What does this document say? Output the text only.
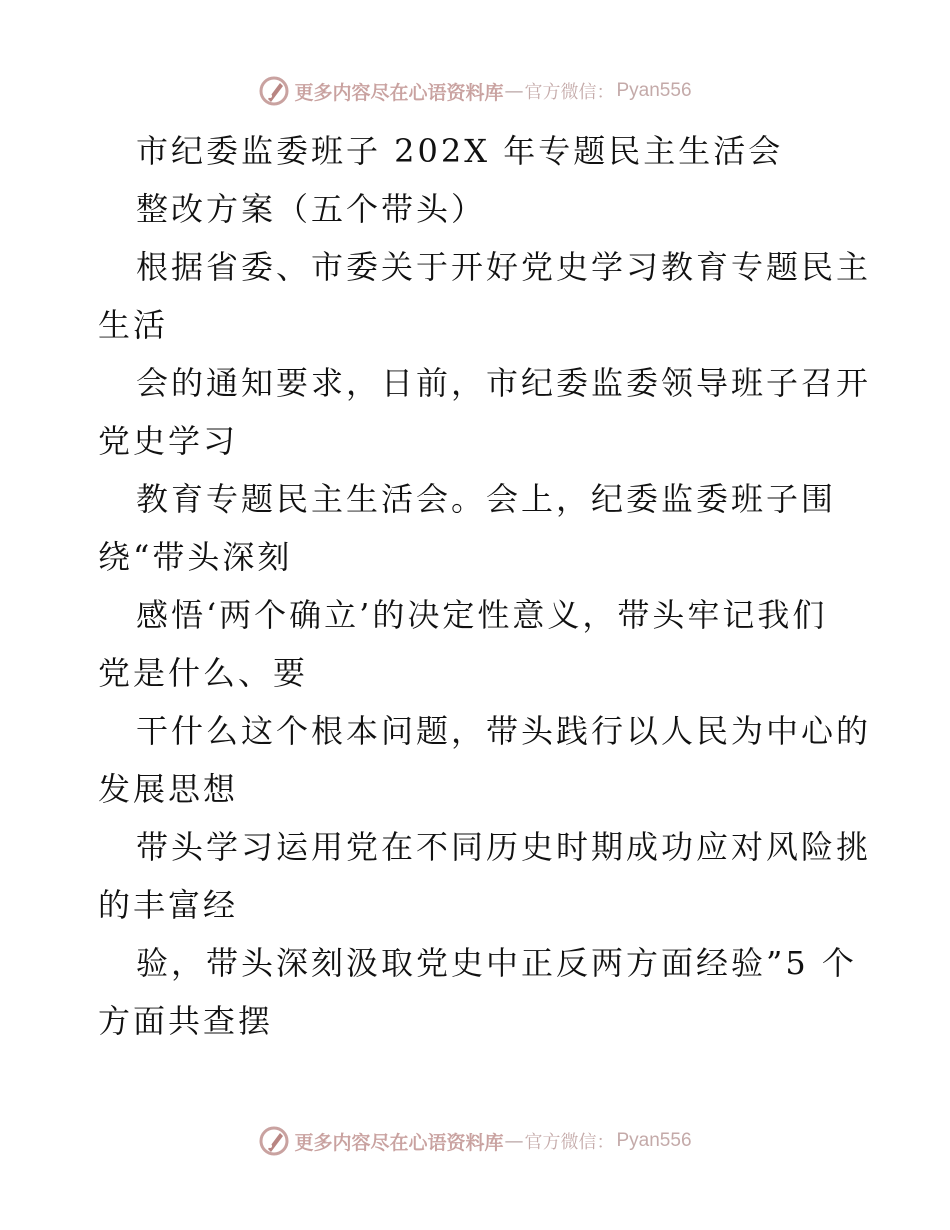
更多内容尽在心语资料库 — 官方微信： Pyan556
市纪委监委班子 202X 年专题民主生活会
整改方案（五个带头）
根据省委、市委关于开好党史学习教育专题民主
生活
会的通知要求，日前，市纪委监委领导班子召开
党史学习
教育专题民主生活会。会上，纪委监委班子围
绕“带头深刻
感悟‘两个确立’的决定性意义，带头牢记我们
党是什么、要
干什么这个根本问题，带头践行以人民为中心的
发展思想
带头学习运用党在不同历史时期成功应对风险挑
的丰富经
验，带头深刻汲取党史中正反两方面经验”5 个
方面共查摆
更多内容尽在心语资料库 — 官方微信： Pyan556
